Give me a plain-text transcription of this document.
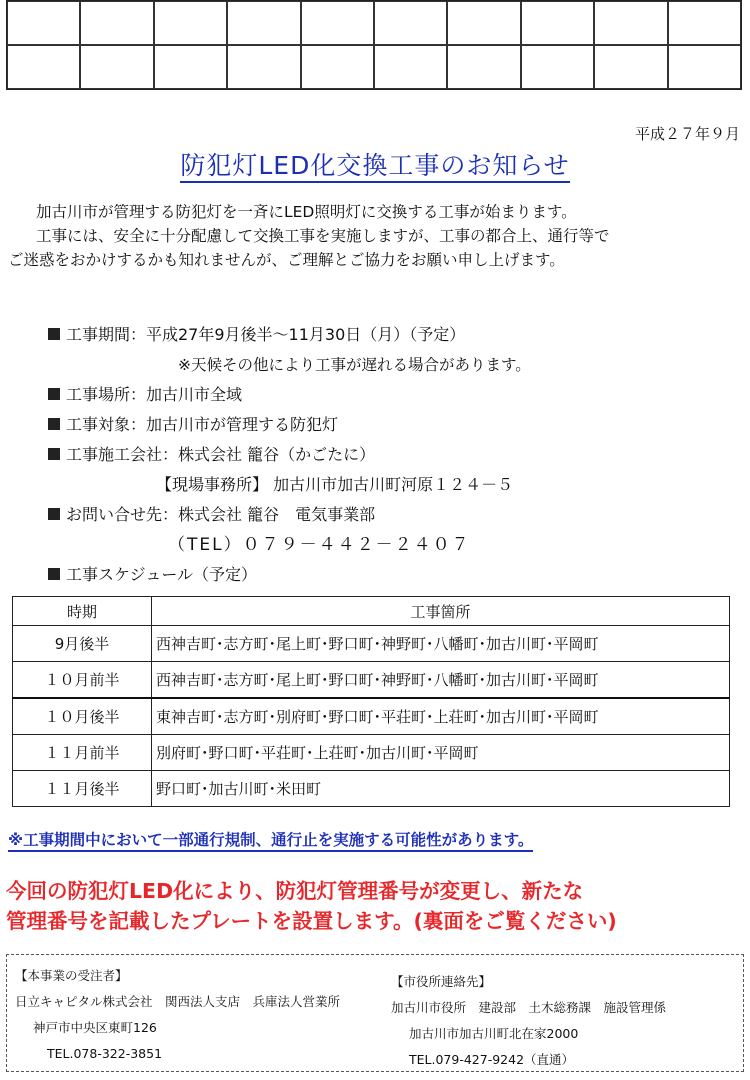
平成２７年９月
防犯灯LED化交換工事のお知らせ

加古川市が管理する防犯灯を一斉にLED照明灯に交換する工事が始まります。

工事には、安全に十分配慮して交換工事を実施しますが、工事の都合上、通行等で

ご迷惑をおかけするかも知れませんが、ご理解とご協力をお願い申し上げます。

工事期間：平成27年9月後半～11月30日（月）（予定）
※天候その他により工事が遅れる場合があります。
工事場所：加古川市全域
工事対象：加古川市が管理する防犯灯
工事施工会社：株式会社 籠谷（かごたに）
【現場事務所】 加古川市加古川町河原１２４－５
お問い合せ先：株式会社 籠谷　電気事業部
（TEL）０７９－４４２－２４０７
工事スケジュール（予定）
時期	工事箇所
9月後半	西神吉町･志方町･尾上町･野口町･神野町･八幡町･加古川町･平岡町
１０月前半	西神吉町･志方町･尾上町･野口町･神野町･八幡町･加古川町･平岡町
１０月後半	東神吉町･志方町･別府町･野口町･平荘町･上荘町･加古川町･平岡町
１１月前半	別府町･野口町･平荘町･上荘町･加古川町･平岡町
１１月後半	野口町･加古川町･米田町
※工事期間中において一部通行規制、通行止を実施する可能性があります。
今回の防犯灯LED化により、防犯灯管理番号が変更し、新たな
管理番号を記載したプレートを設置します。(裏面をご覧ください)
【本事業の受注者】
日立キャピタル株式会社　関西法人支店　兵庫法人営業所
神戸市中央区東町126
TEL.078-322-3851
【市役所連絡先】
加古川市役所　建設部　土木総務課　施設管理係
加古川市加古川町北在家2000
TEL.079-427-9242（直通）
